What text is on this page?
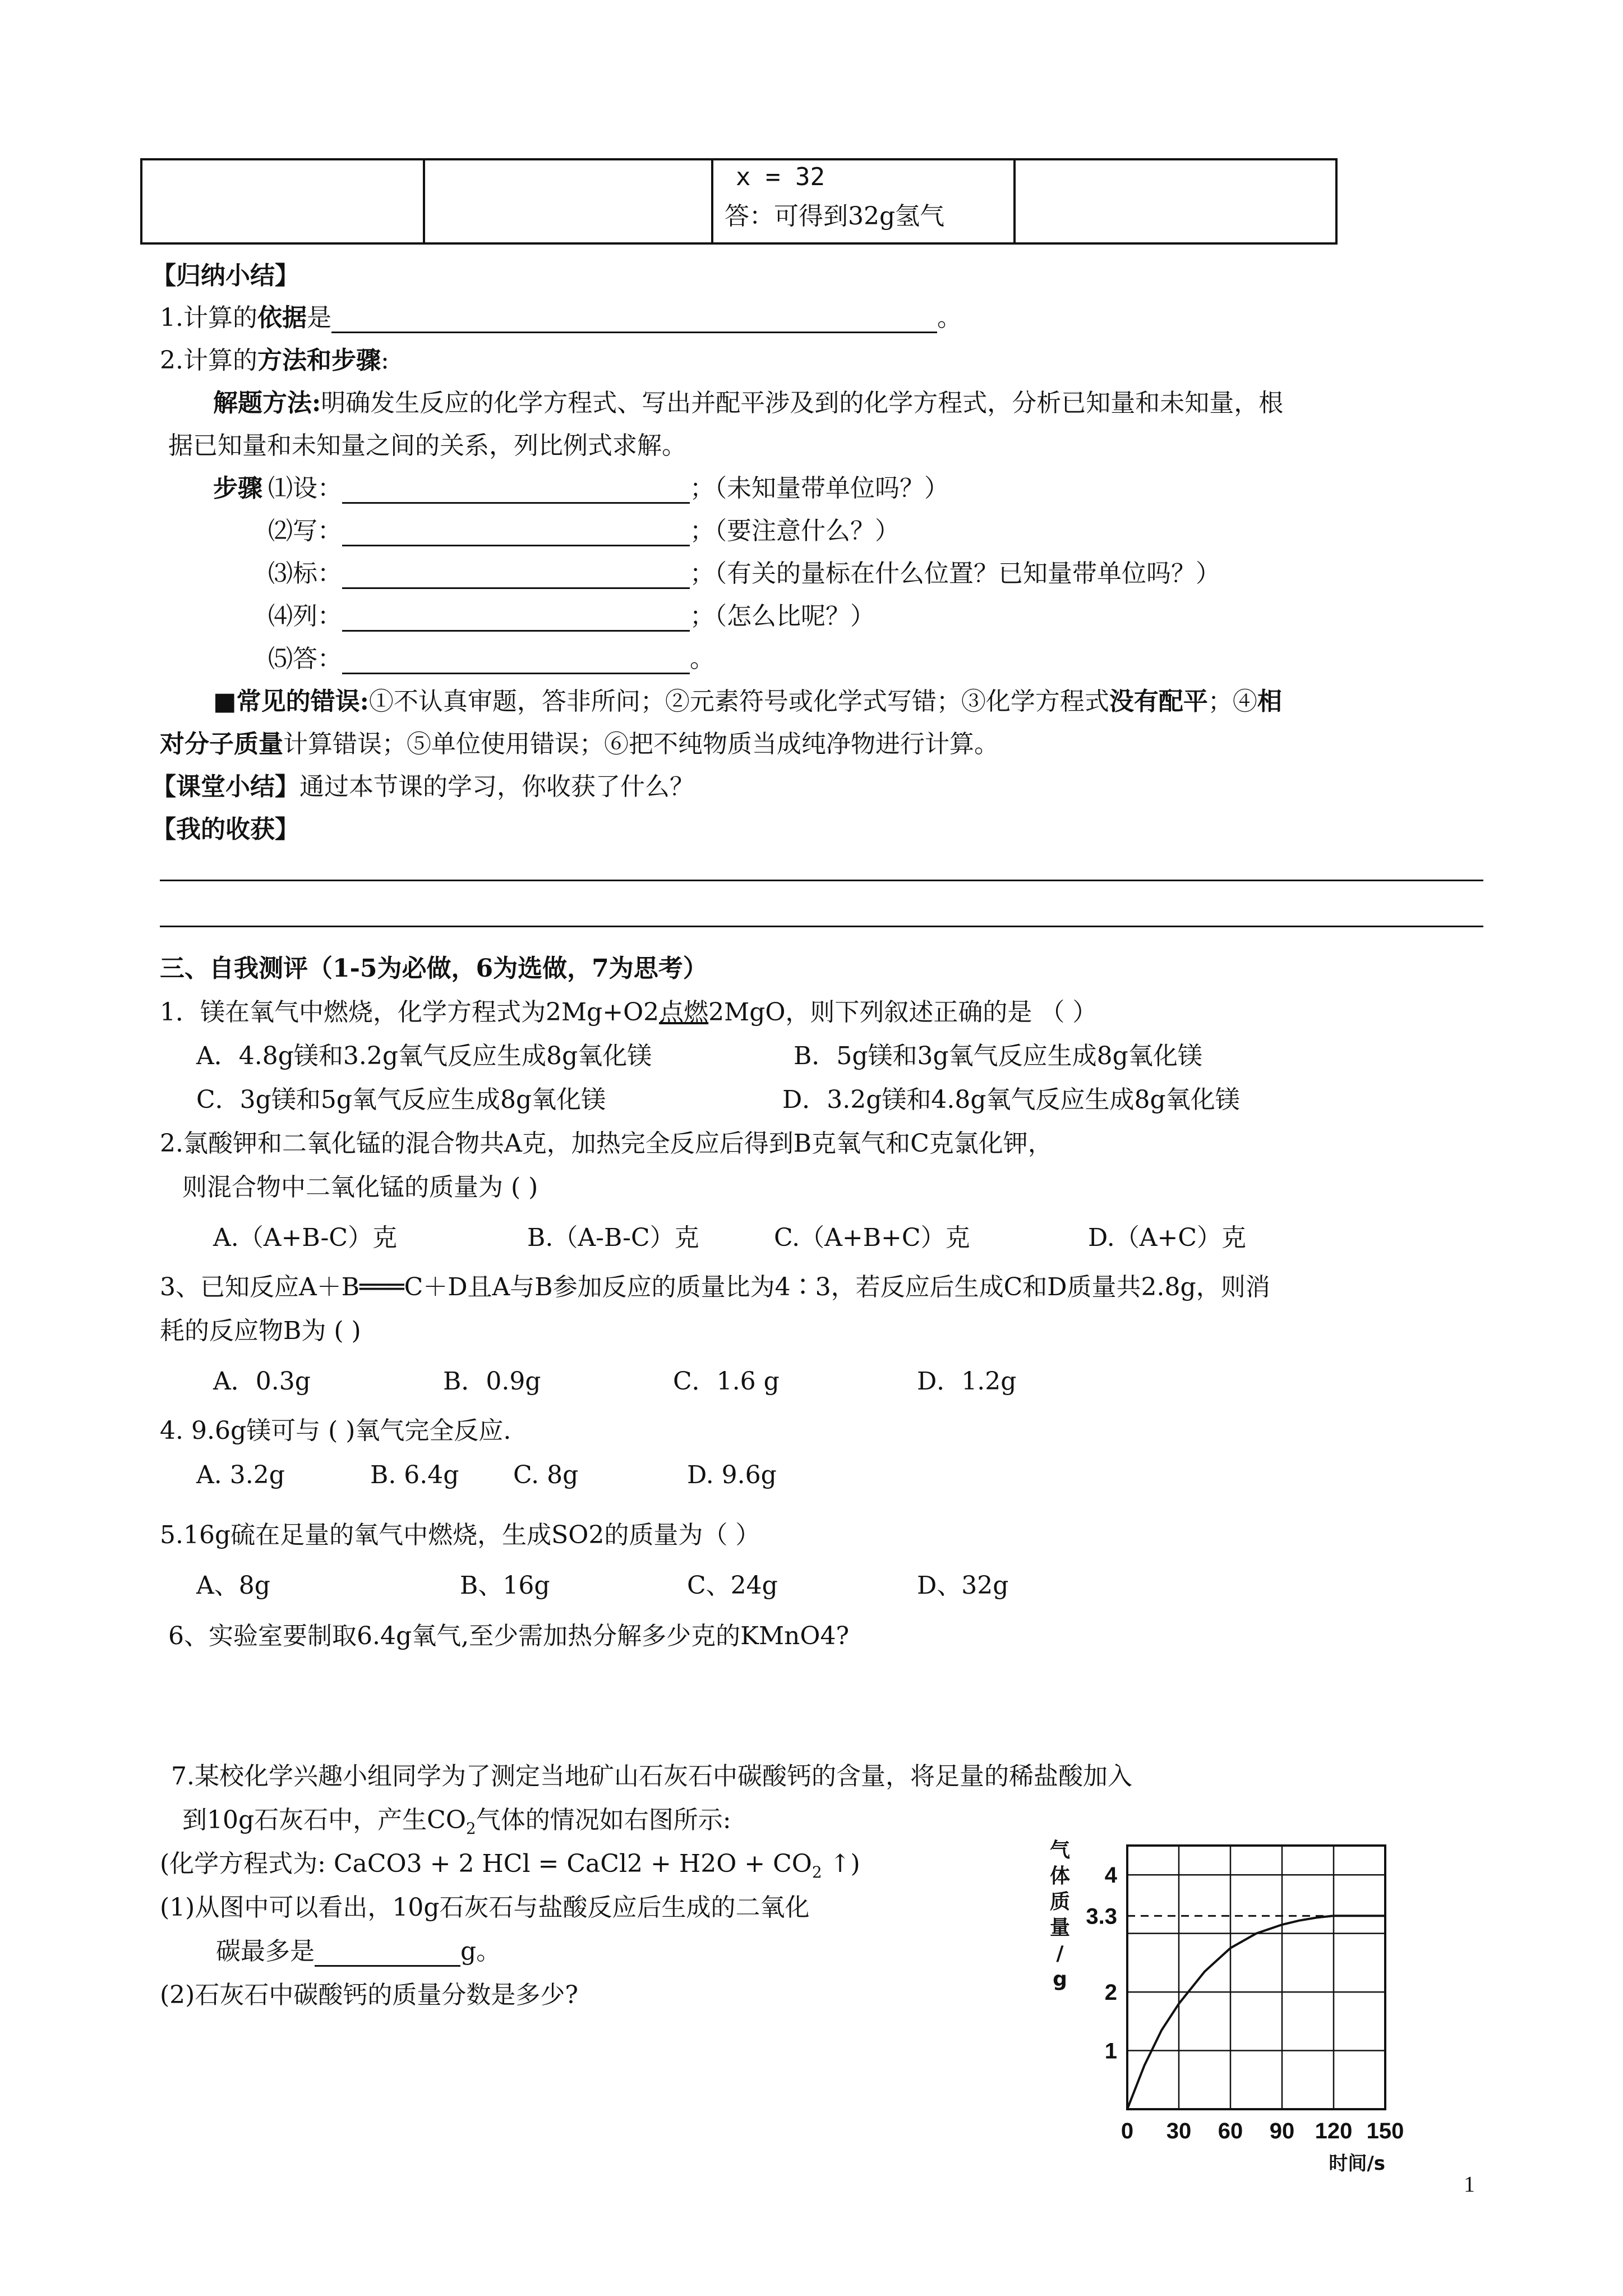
x = 32
答：可得到32g氢气

【归纳小结】
1.计算的依据是	。
2.计算的方法和步骤:
解题方法:明确发生反应的化学方程式、写出并配平涉及到的化学方程式，分析已知量和未知量，根
据已知量和未知量之间的关系，列比例式求解。
步骤 ⑴设：	；（未知量带单位吗？）
⑵写：	；（要注意什么？）
⑶标：	；（有关的量标在什么位置？已知量带单位吗？）
⑷列：	；（怎么比呢？）
⑸答：	。
■常见的错误:①不认真审题，答非所问；②元素符号或化学式写错；③化学方程式没有配平；④相
对分子质量计算错误；⑤单位使用错误；⑥把不纯物质当成纯净物进行计算。
【课堂小结】通过本节课的学习，你收获了什么？
【我的收获】
三、自我测评（1-5为必做，6为选做，7为思考）
1．镁在氧气中燃烧，化学方程式为2Mg+O2点燃2MgO，则下列叙述正确的是 （ ）
A．4.8g镁和3.2g氧气反应生成8g氧化镁	B．5g镁和3g氧气反应生成8g氧化镁
C．3g镁和5g氧气反应生成8g氧化镁	D．3.2g镁和4.8g氧气反应生成8g氧化镁
2.氯酸钾和二氧化锰的混合物共A克，加热完全反应后得到B克氧气和C克氯化钾，
则混合物中二氧化锰的质量为 ( )
A.（A+B-C）克	B.（A-B-C）克	C.（A+B+C）克	D.（A+C）克
3、已知反应A＋B═══C＋D且A与B参加反应的质量比为4∶3，若反应后生成C和D质量共2.8g，则消
耗的反应物B为 ( )
A．0.3g	B．0.9g	C．1.6 g	D．1.2g
4. 9.6g镁可与 ( )氧气完全反应.
A. 3.2g	B. 6.4g C. 8g	D. 9.6g
5.16g硫在足量的氧气中燃烧，生成SO2的质量为（ ）
A、8g	B、16g	C、24g	D、32g
6、实验室要制取6.4g氧气,至少需加热分解多少克的KMnO4?
7.某校化学兴趣小组同学为了测定当地矿山石灰石中碳酸钙的含量，将足量的稀盐酸加入
到10g石灰石中，产生$CO_2$气体的情况如右图所示:
(化学方程式为: CaCO3 + 2 HCl = CaCl2 + $H2O + CO_2$ ↑)
(1)从图中可以看出，10g石灰石与盐酸反应后生成的二氧化
碳最多是	g。
(2)石灰石中碳酸钙的质量分数是多少?
0 30 60 90 120 150
1
2
3.3
4
时间/s
气体质量/ g
1
